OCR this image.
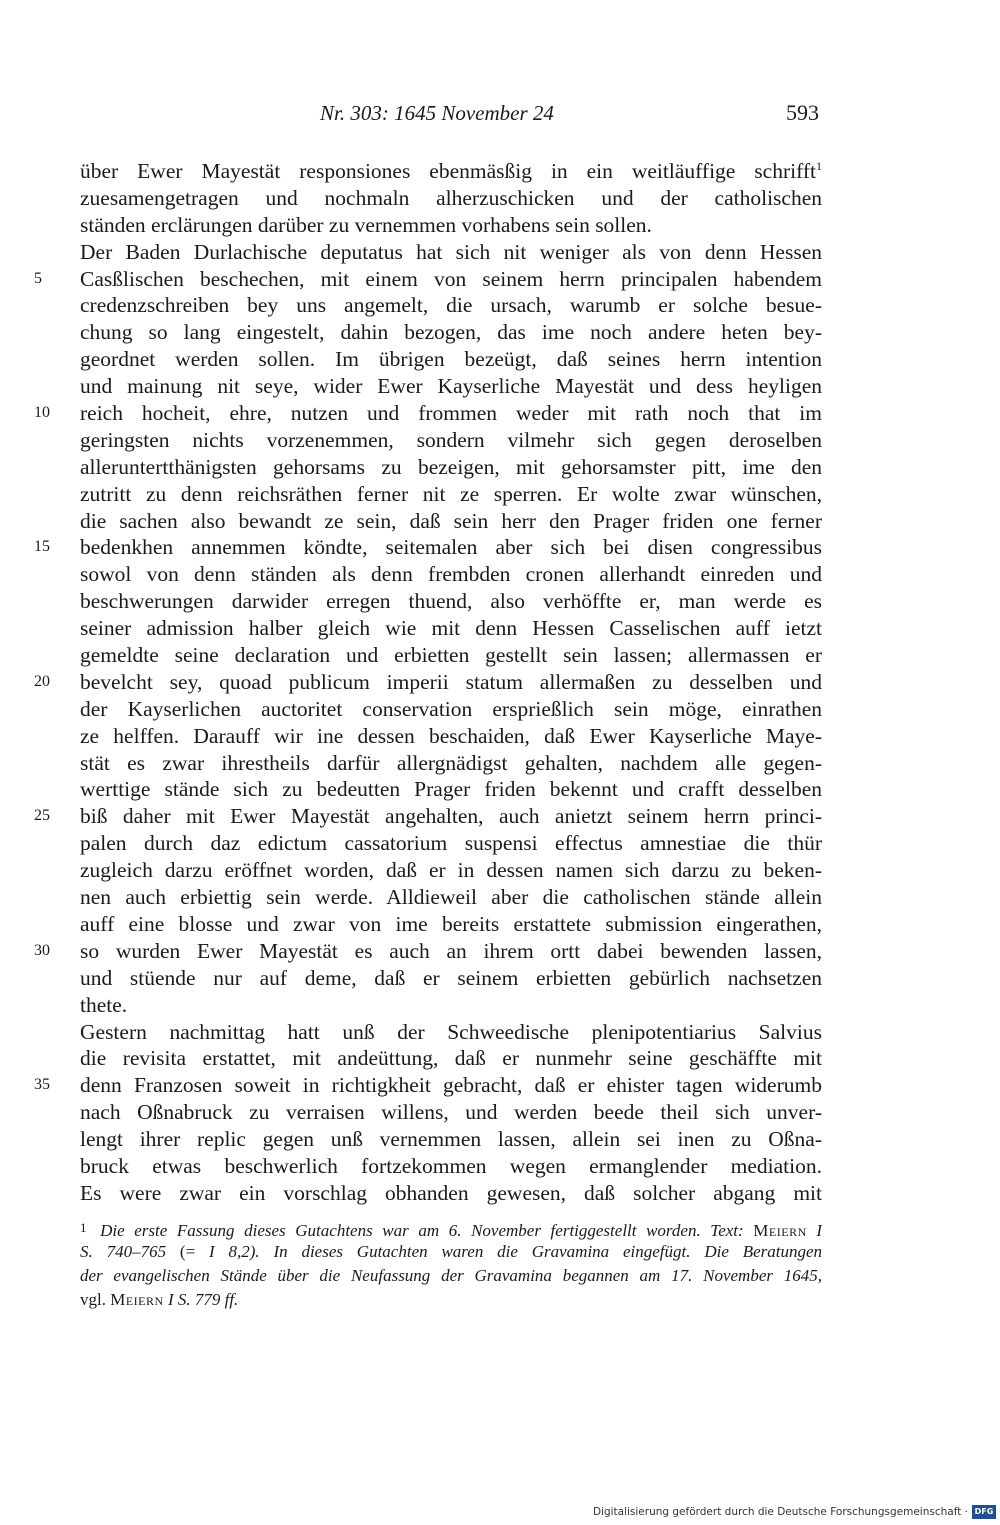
Nr. 303: 1645 November 24	593
über Ewer Mayestät responsiones ebenmäsßig in ein weitläuffige schrifft$^1$
zuesamengetragen und nochmaln alherzuschicken und der catholischen
ständen erclärungen darüber zu vernemmen vorhabens sein sollen.
Der Baden Durlachische deputatus hat sich nit weniger als von denn Hessen
5	Casßlischen beschechen, mit einem von seinem herrn principalen habendem
credenzschreiben bey uns angemelt, die ursach, warumb er solche besue-
chung so lang eingestelt, dahin bezogen, das ime noch andere heten bey-
geordnet werden sollen. Im übrigen bezeügt, daß seines herrn intention
und mainung nit seye, wider Ewer Kayserliche Mayestät und dess heyligen
10	reich hocheit, ehre, nutzen und frommen weder mit rath noch that im
geringsten nichts vorzenemmen, sondern vilmehr sich gegen deroselben
alleruntertthänigsten gehorsams zu bezeigen, mit gehorsamster pitt, ime den
zutritt zu denn reichsräthen ferner nit ze sperren. Er wolte zwar wünschen,
die sachen also bewandt ze sein, daß sein herr den Prager friden one ferner
15	bedenkhen annemmen köndte, seitemalen aber sich bei disen congressibus
sowol von denn ständen als denn frembden cronen allerhandt einreden und
beschwerungen darwider erregen thuend, also verhöffte er, man werde es
seiner admission halber gleich wie mit denn Hessen Casselischen auff ietzt
gemeldte seine declaration und erbietten gestellt sein lassen; allermassen er
20	bevelcht sey, quoad publicum imperii statum allermaßen zu desselben und
der Kayserlichen auctoritet conservation ersprießlich sein möge, einrathen
ze helffen. Darauff wir ine dessen beschaiden, daß Ewer Kayserliche Maye-
stät es zwar ihrestheils darfür allergnädigst gehalten, nachdem alle gegen-
werttige stände sich zu bedeutten Prager friden bekennt und crafft desselben
25	biß daher mit Ewer Mayestät angehalten, auch anietzt seinem herrn princi-
palen durch daz edictum cassatorium suspensi effectus amnestiae die thür
zugleich darzu eröffnet worden, daß er in dessen namen sich darzu zu beken-
nen auch erbiettig sein werde. Alldieweil aber die catholischen stände allein
auff eine blosse und zwar von ime bereits erstattete submission eingerathen,
30	so wurden Ewer Mayestät es auch an ihrem ortt dabei bewenden lassen,
und stüende nur auf deme, daß er seinem erbietten gebürlich nachsetzen
thete.
Gestern nachmittag hatt unß der Schweedische plenipotentiarius Salvius
die revisita erstattet, mit andeüttung, daß er nunmehr seine geschäffte mit
35	denn Franzosen soweit in richtigkheit gebracht, daß er ehister tagen widerumb
nach Oßnabruck zu verraisen willens, und werden beede theil sich unver-
lengt ihrer replic gegen unß vernemmen lassen, allein sei inen zu Oßna-
bruck etwas beschwerlich fortzekommen wegen ermanglender mediation.
Es were zwar ein vorschlag obhanden gewesen, daß solcher abgang mit
$^1$ Die erste Fassung dieses Gutachtens war am 6. November fertiggestellt worden. Text: Meiern I
S. 740–765 (= I 8,2). In dieses Gutachten waren die Gravamina eingefügt. Die Beratungen
der evangelischen Stände über die Neufassung der Gravamina begannen am 17. November 1645,
vgl. Meiern I S. 779 ff.
Digitalisierung gefördert durch die Deutsche Forschungsgemeinschaft · DFG
